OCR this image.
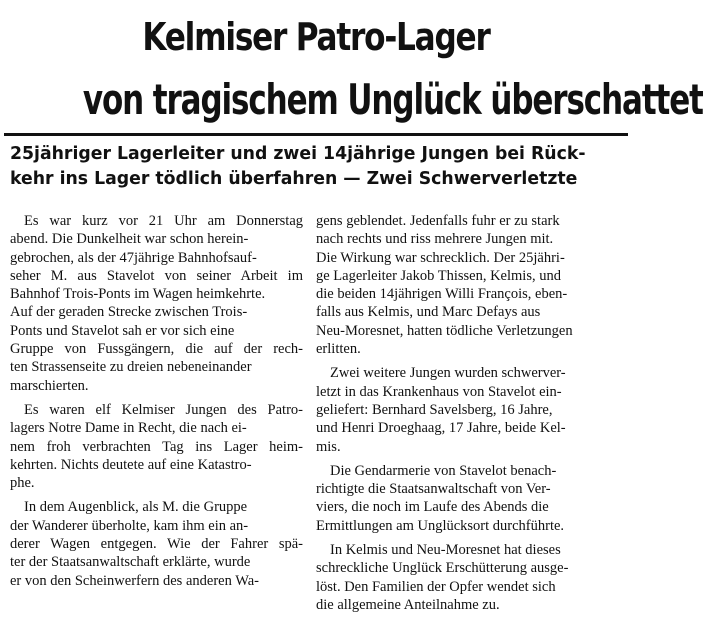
Kelmiser Patro-Lager
von tragischem Unglück überschattet
25jähriger Lagerleiter und zwei 14jährige Jungen bei Rück-
kehr ins Lager tödlich überfahren — Zwei Schwerverletzte
Es war kurz vor 21 Uhr am Donnerstag
abend. Die Dunkelheit war schon herein-
gebrochen, als der 47jährige Bahnhofsauf-
seher M. aus Stavelot von seiner Arbeit im
Bahnhof Trois-Ponts im Wagen heimkehrte.
Auf der geraden Strecke zwischen Trois-
Ponts und Stavelot sah er vor sich eine
Gruppe von Fussgängern, die auf der rech-
ten Strassenseite zu dreien nebeneinander
marschierten.
Es waren elf Kelmiser Jungen des Patro-
lagers Notre Dame in Recht, die nach ei-
nem froh verbrachten Tag ins Lager heim-
kehrten. Nichts deutete auf eine Katastro-
phe.
In dem Augenblick, als M. die Gruppe
der Wanderer überholte, kam ihm ein an-
derer Wagen entgegen. Wie der Fahrer spä-
ter der Staatsanwaltschaft erklärte, wurde
er von den Scheinwerfern des anderen Wa-
gens geblendet. Jedenfalls fuhr er zu stark
nach rechts und riss mehrere Jungen mit.
Die Wirkung war schrecklich. Der 25jähri-
ge Lagerleiter Jakob Thissen, Kelmis, und
die beiden 14jährigen Willi François, eben-
falls aus Kelmis, und Marc Defays aus
Neu-Moresnet, hatten tödliche Verletzungen
erlitten.
Zwei weitere Jungen wurden schwerver-
letzt in das Krankenhaus von Stavelot ein-
geliefert: Bernhard Savelsberg, 16 Jahre,
und Henri Droeghaag, 17 Jahre, beide Kel-
mis.
Die Gendarmerie von Stavelot benach-
richtigte die Staatsanwaltschaft von Ver-
viers, die noch im Laufe des Abends die
Ermittlungen am Unglücksort durchführte.
In Kelmis und Neu-Moresnet hat dieses
schreckliche Unglück Erschütterung ausge-
löst. Den Familien der Opfer wendet sich
die allgemeine Anteilnahme zu.
